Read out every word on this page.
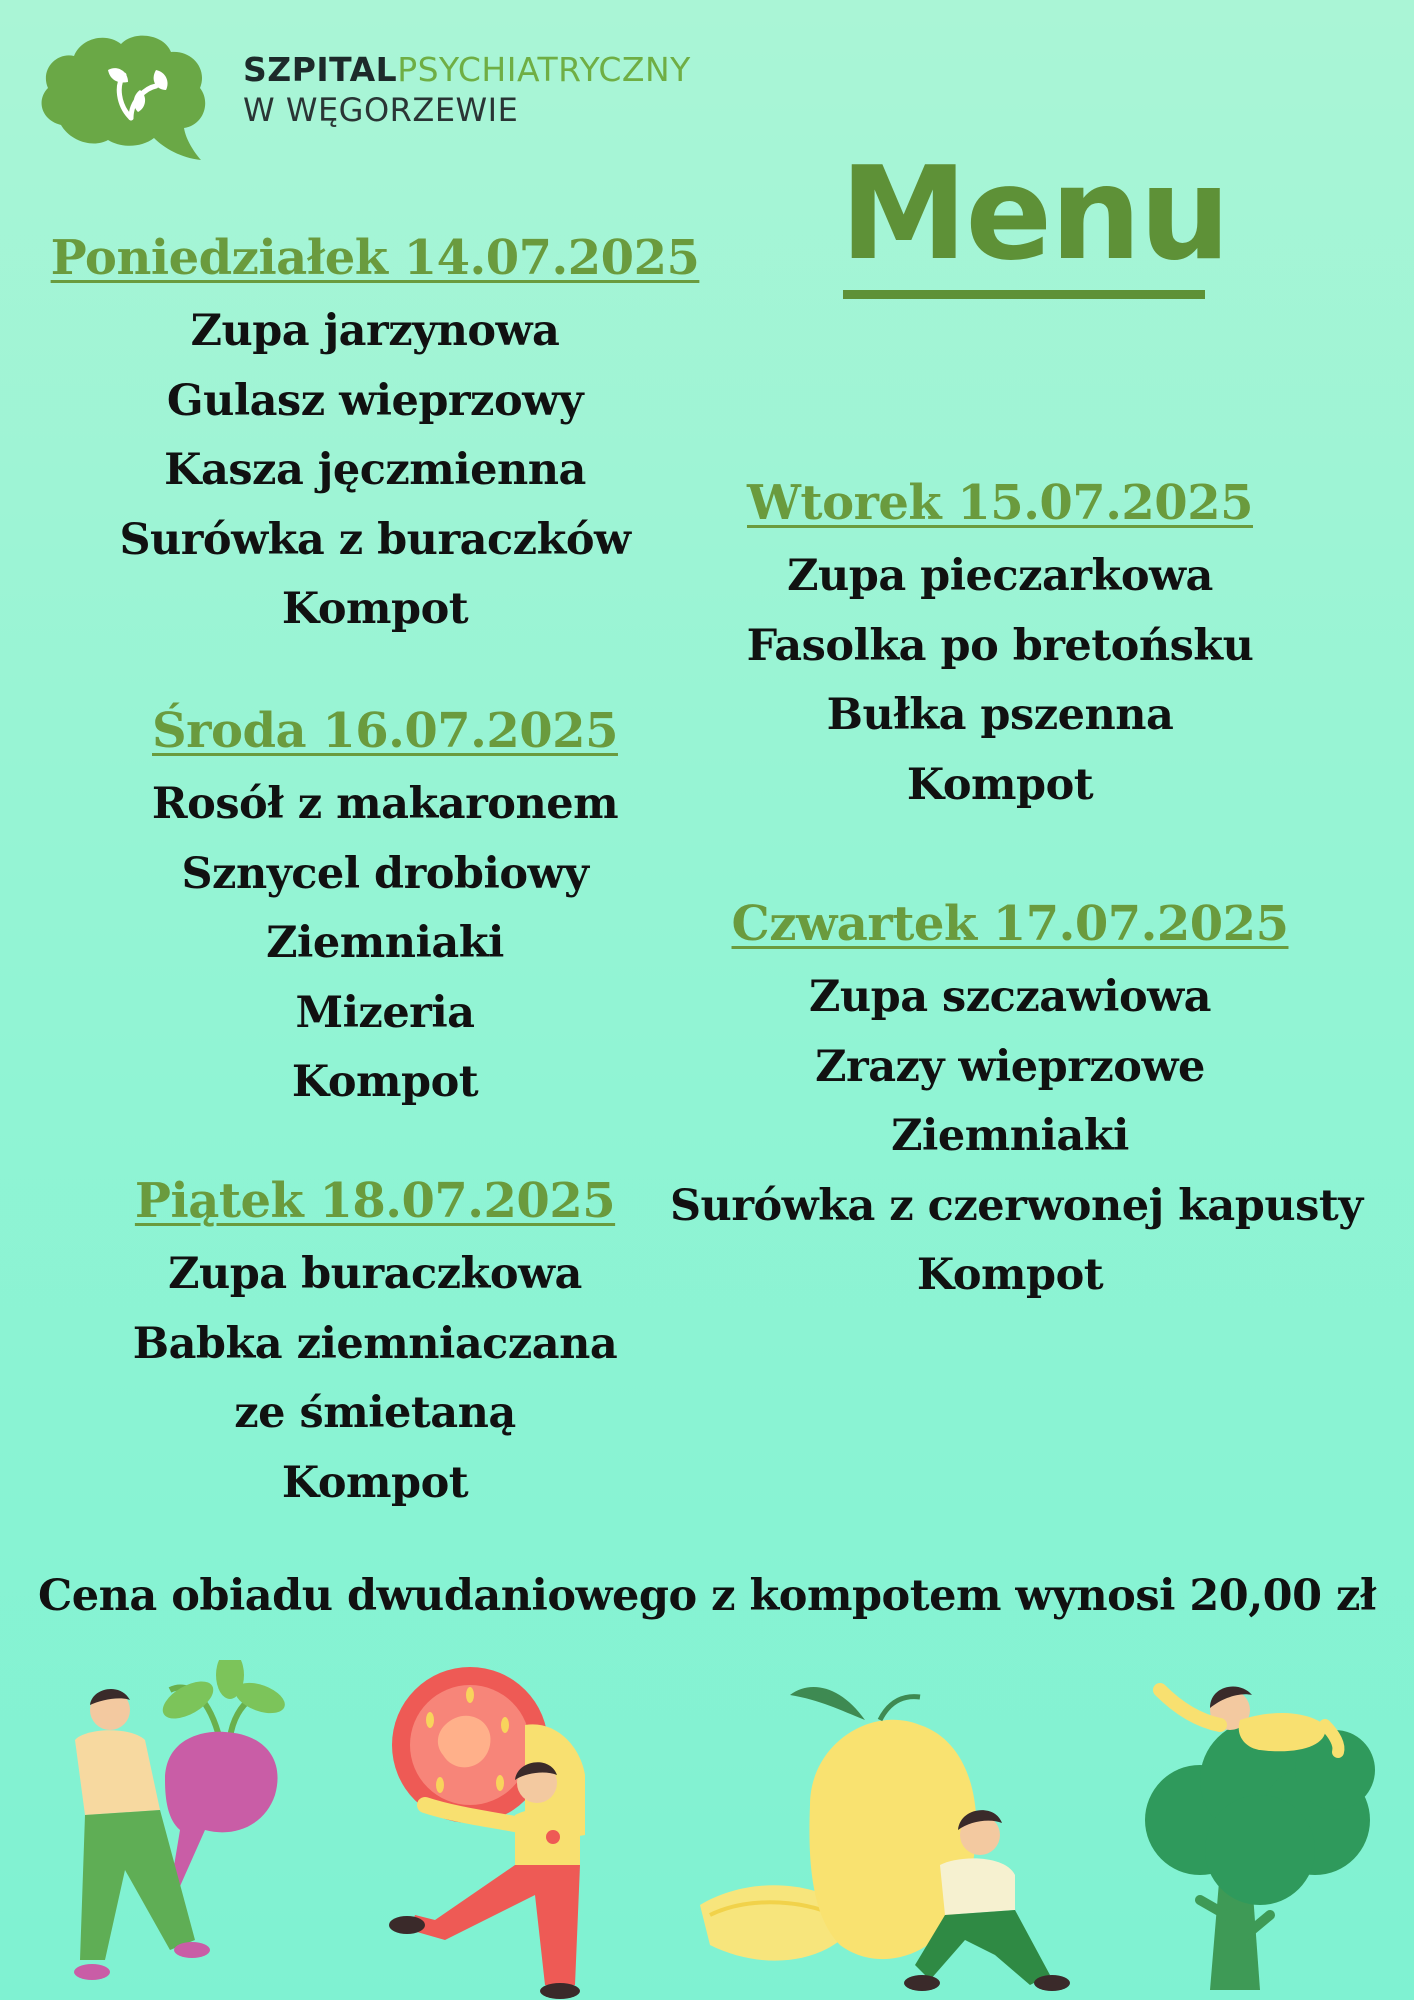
SZPITALPSYCHIATRYCZNY
W WĘGORZEWIE
Menu
Poniedziałek 14.07.2025
Zupa jarzynowa
Gulasz wieprzowy
Kasza jęczmienna
Surówka z buraczków
Kompot
Wtorek 15.07.2025
Zupa pieczarkowa
Fasolka po bretońsku
Bułka pszenna
Kompot
Środa 16.07.2025
Rosół z makaronem
Sznycel drobiowy
Ziemniaki
Mizeria
Kompot
Czwartek 17.07.2025
Zupa szczawiowa
Zrazy wieprzowe
Ziemniaki
Surówka z czerwonej kapusty
Kompot
Piątek 18.07.2025
Zupa buraczkowa
Babka ziemniaczana
ze śmietaną
Kompot
Cena obiadu dwudaniowego z kompotem wynosi 20,00 zł
